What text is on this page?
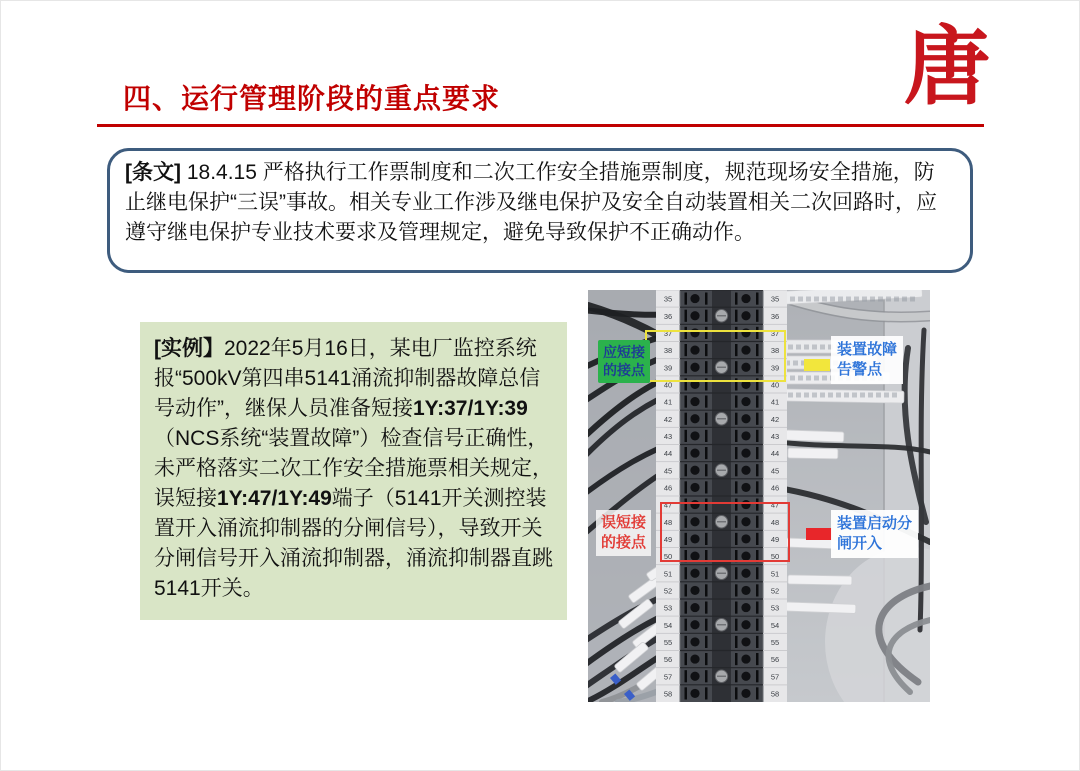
唐
四、运行管理阶段的重点要求
[条文] 18.4.15 严格执行工作票制度和二次工作安全措施票制度，规范现场安全措施，防止继电保护“三误”事故。相关专业工作涉及继电保护及安全自动装置相关二次回路时，应遵守继电保护专业技术要求及管理规定，避免导致保护不正确动作。
[实例】2022年5月16日，某电厂监控系统报“500kV第四串5141涌流抑制器故障总信号动作”，继保人员准备短接1Y:37/1Y:39（NCS系统“装置故障”）检查信号正确性，未严格落实二次工作安全措施票相关规定，误短接1Y:47/1Y:49端子（5141开关测控装置开入涌流抑制器的分闸信号），导致开关分闸信号开入涌流抑制器，涌流抑制器直跳5141开关。
35	35
36	36
37	37
38	38
39	39
40	40
41	41
42	42
43	43
44	44
45	45
46	46
47	47
48	48
49	49
50	50
51	51
52	52
53	53
54	54
55	55
56	56
57	57
58	58
应短接
的接点
装置故障
告警点
误短接
的接点
装置启动分
闸开入
